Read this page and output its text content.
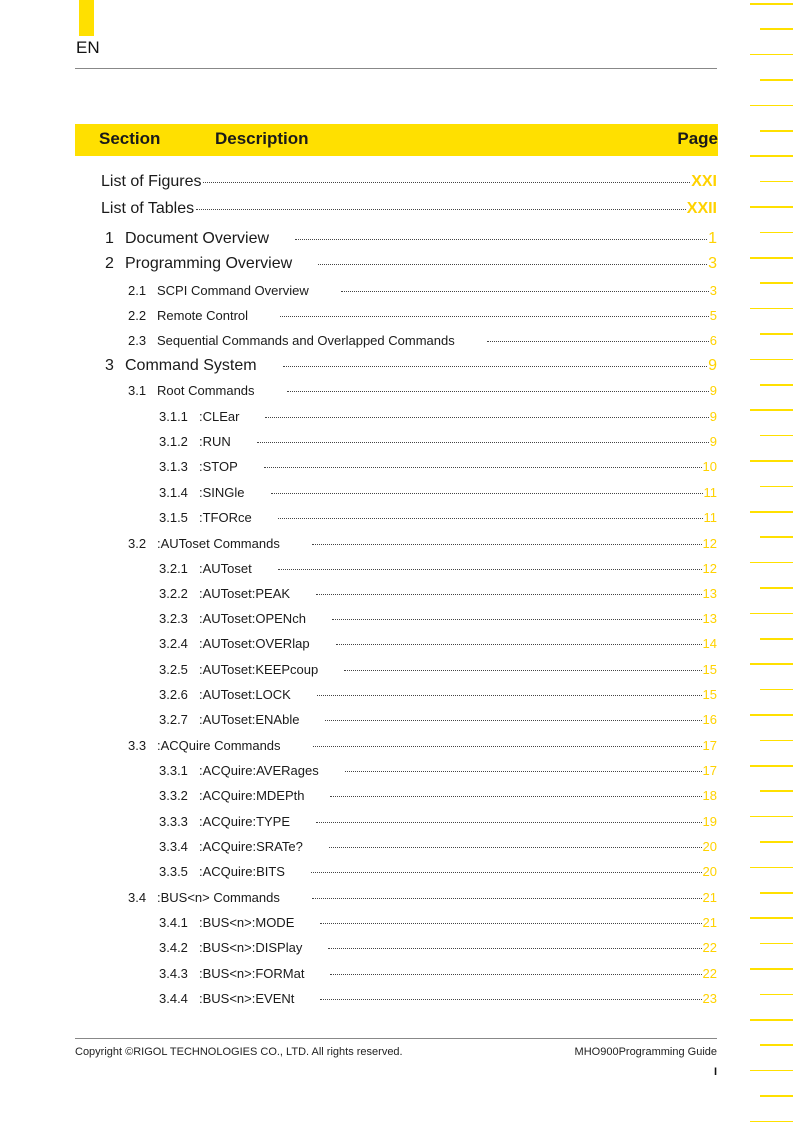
EN
Section	Description	Page
List of Figures	XXI
List of Tables	XXII
1 Document Overview	1
2 Programming Overview	3
2.1 SCPI Command Overview	3
2.2 Remote Control	5
2.3 Sequential Commands and Overlapped Commands	6
3 Command System	9
3.1 Root Commands	9
3.1.1 :CLEar	9
3.1.2 :RUN	9
3.1.3 :STOP	10
3.1.4 :SINGle	11
3.1.5 :TFORce	11
3.2 :AUToset Commands	12
3.2.1 :AUToset	12
3.2.2 :AUToset:PEAK	13
3.2.3 :AUToset:OPENch	13
3.2.4 :AUToset:OVERlap	14
3.2.5 :AUToset:KEEPcoup	15
3.2.6 :AUToset:LOCK	15
3.2.7 :AUToset:ENAble	16
3.3 :ACQuire Commands	17
3.3.1 :ACQuire:AVERages	17
3.3.2 :ACQuire:MDEPth	18
3.3.3 :ACQuire:TYPE	19
3.3.4 :ACQuire:SRATe?	20
3.3.5 :ACQuire:BITS	20
3.4 :BUS<n> Commands	21
3.4.1 :BUS<n>:MODE	21
3.4.2 :BUS<n>:DISPlay	22
3.4.3 :BUS<n>:FORMat	22
3.4.4 :BUS<n>:EVENt	23
Copyright ©RIGOL TECHNOLOGIES CO., LTD. All rights reserved.	MHO900Programming Guide
I
